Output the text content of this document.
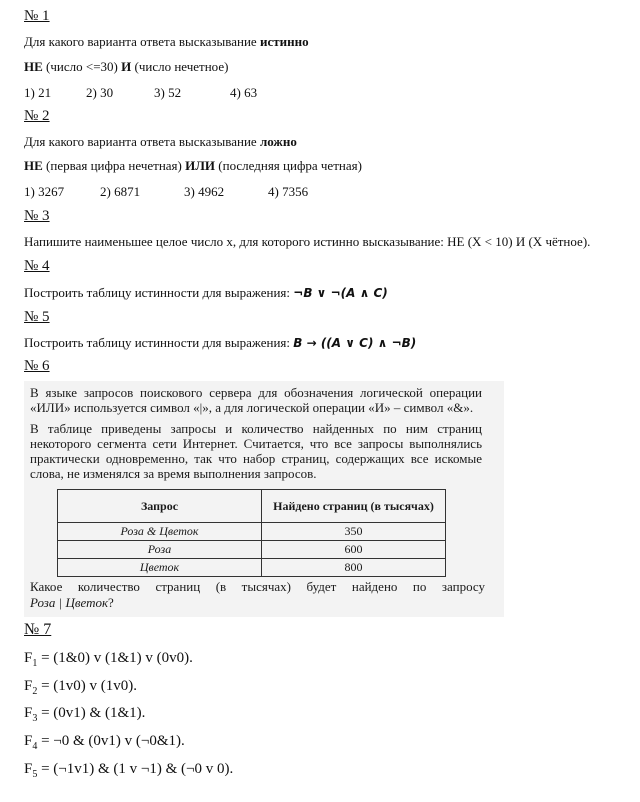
№ 1
Для какого варианта ответа высказывание истинно
НЕ (число <=30) И (число нечетное)
1) 21	2) 30	3) 52	4) 63
№ 2
Для какого варианта ответа высказывание ложно
НЕ (первая цифра нечетная) ИЛИ (последняя цифра четная)
1) 3267	2) 6871	3) 4962	4) 7356
№ 3
Напишите наименьшее целое число x, для которого истинно высказывание: НЕ (X < 10) И (X чётное).
№ 4
Построить таблицу истинности для выражения: ¬B ∨ ¬(A ∧ C)
№ 5
Построить таблицу истинности для выражения: B → ((A ∨ C) ∧ ¬B)
№ 6
В языке запросов поискового сервера для обозначения логической операции «ИЛИ» используется символ «|», а для логической операции «И» – символ «&».
В таблице приведены запросы и количество найденных по ним страниц некоторого сегмента сети Интернет. Считается, что все запросы выполнялись практически одновременно, так что набор страниц, содержащих все искомые слова, не изменялся за время выполнения запросов.
Запрос	Найдено страниц (в тысячах)
Роза & Цветок	350
Роза	600
Цветок	800
Какое количество страниц (в тысячах) будет найдено по запросу
Роза | Цветок?
№ 7
$F_1$ = (1&0) v (1&1) v (0v0).
$F_2 = (1v0)$ v (1v0).
$F_3 = (0v1)$ & (1&1).
$F_4$ = ¬0 & (0v1) v (¬0&1).
$F_5$ = (¬1v1) & (1 v ¬1) & (¬0 v 0).
